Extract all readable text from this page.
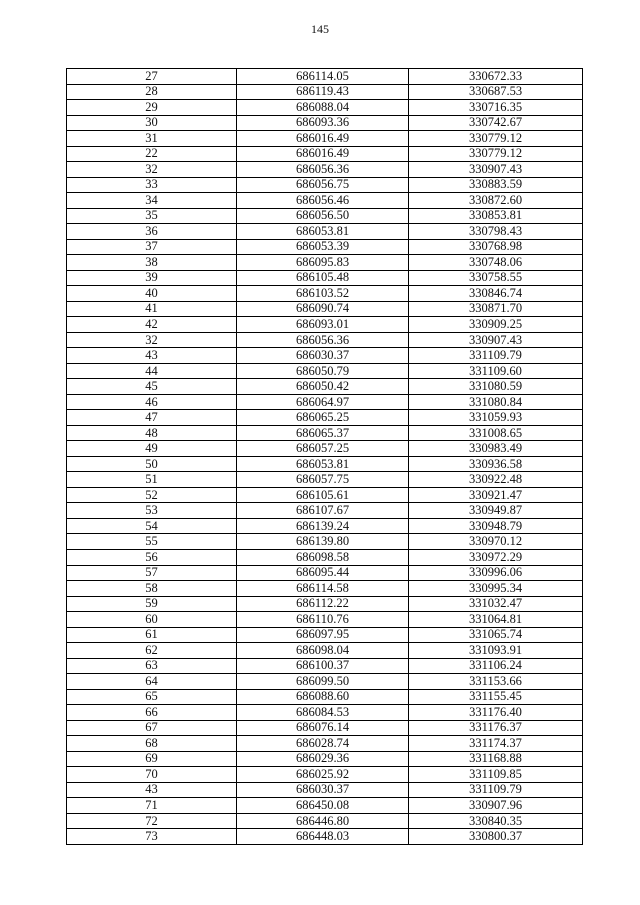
145
27	686114.05	330672.33
28	686119.43	330687.53
29	686088.04	330716.35
30	686093.36	330742.67
31	686016.49	330779.12
22	686016.49	330779.12
32	686056.36	330907.43
33	686056.75	330883.59
34	686056.46	330872.60
35	686056.50	330853.81
36	686053.81	330798.43
37	686053.39	330768.98
38	686095.83	330748.06
39	686105.48	330758.55
40	686103.52	330846.74
41	686090.74	330871.70
42	686093.01	330909.25
32	686056.36	330907.43
43	686030.37	331109.79
44	686050.79	331109.60
45	686050.42	331080.59
46	686064.97	331080.84
47	686065.25	331059.93
48	686065.37	331008.65
49	686057.25	330983.49
50	686053.81	330936.58
51	686057.75	330922.48
52	686105.61	330921.47
53	686107.67	330949.87
54	686139.24	330948.79
55	686139.80	330970.12
56	686098.58	330972.29
57	686095.44	330996.06
58	686114.58	330995.34
59	686112.22	331032.47
60	686110.76	331064.81
61	686097.95	331065.74
62	686098.04	331093.91
63	686100.37	331106.24
64	686099.50	331153.66
65	686088.60	331155.45
66	686084.53	331176.40
67	686076.14	331176.37
68	686028.74	331174.37
69	686029.36	331168.88
70	686025.92	331109.85
43	686030.37	331109.79
71	686450.08	330907.96
72	686446.80	330840.35
73	686448.03	330800.37
